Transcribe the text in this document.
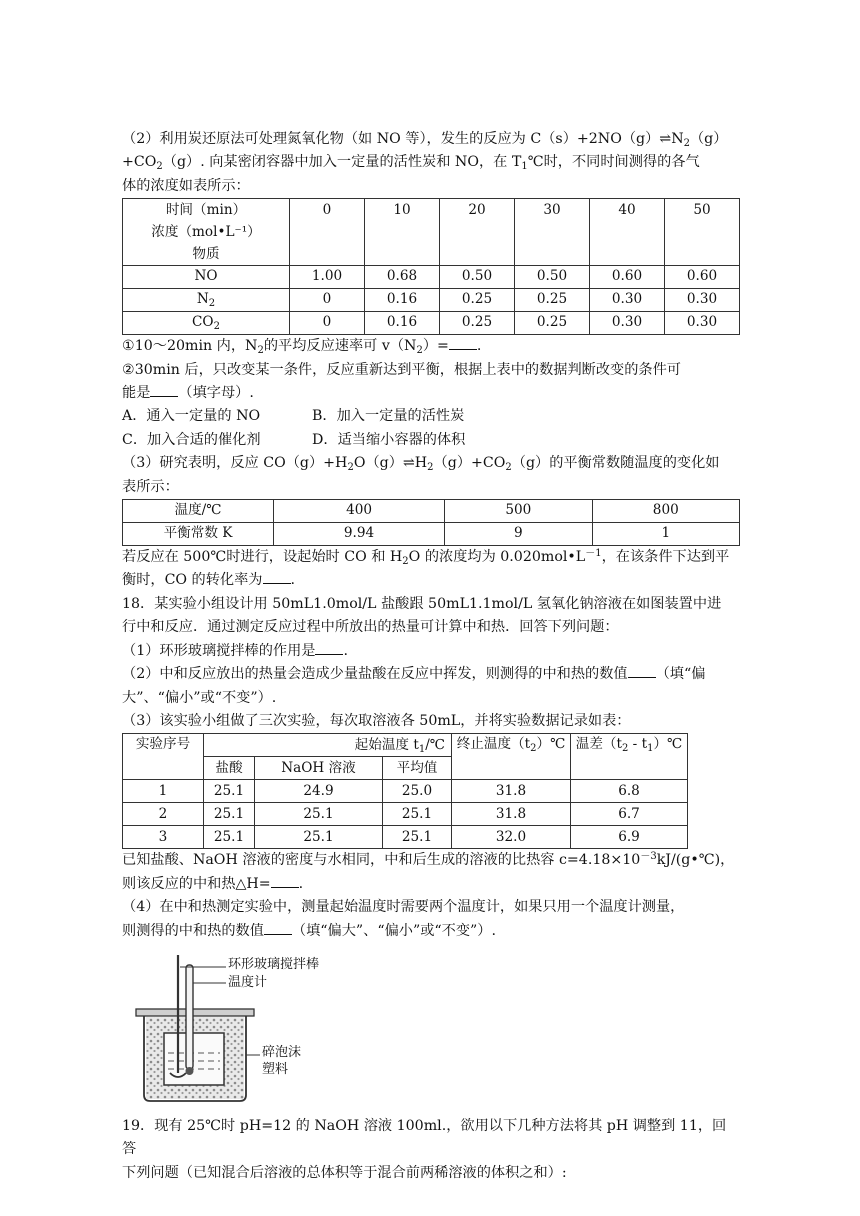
（2）利用炭还原法可处理氮氧化物（如 NO 等），发生的反应为 $C(s)+2NO(g)\rightleftharpoons N_2(g)$

$+CO_2(g)$. 向某密闭容器中加入一定量的活性炭和 NO，在 $T_1℃$时，不同时间测得的各气

体的浓度如表所示：

时间（min）
浓度（mol•L⁻¹）
物质	0	10	20	30	40	50
NO	1.00	0.68	0.50	0.50	0.60	0.60
$N_2$	0	0.16	0.25	0.25	0.30	0.30
$CO_2$	0	0.16	0.25	0.25	0.30	0.30

①10～20min 内，$N_2$的平均反应速率可 $v(N_2)=$ .

②30min 后，只改变某一条件，反应重新达到平衡，根据上表中的数据判断改变的条件可

能是 （填字母）.

A．通入一定量的 NO	B．加入一定量的活性炭

C．加入合适的催化剂	D．适当缩小容器的体积

（3）研究表明，反应 $CO(g)+H_2O(g)\rightleftharpoons H_2(g)+CO_2(g)$的平衡常数随温度的变化如

表所示：

温度/℃	400	500	800
平衡常数 K	9.94	9	1

若反应在 500℃时进行，设起始时 CO 和 $H_2O$ 的浓度均为 $0.020mol•L^{-1}$，在该条件下达到平

衡时，CO 的转化率为 .

18．某实验小组设计用 50mL1.0mol/L 盐酸跟 50mL1.1mol/L 氢氧化钠溶液在如图装置中进

行中和反应．通过测定反应过程中所放出的热量可计算中和热．回答下列问题：

（1）环形玻璃搅拌棒的作用是 .

（2）中和反应放出的热量会造成少量盐酸在反应中挥发，则测得的中和热的数值 （填“偏

大”、“偏小”或“不变”）.

（3）该实验小组做了三次实验，每次取溶液各 50mL，并将实验数据记录如表：

实验序号	起始温度 $t_1/℃$			终止温度$(t_2)℃$	温差（$t_2$ - $t_1)℃$
	盐酸	NaOH 溶液	平均值		
1	25.1	24.9	25.0	31.8	6.8
2	25.1	25.1	25.1	31.8	6.7
3	25.1	25.1	25.1	32.0	6.9

已知盐酸、NaOH 溶液的密度与水相同，中和后生成的溶液的比热容 $c=4.18\times 10^{-3}kJ/(g•℃)$，

则该反应的中和热△H= .

（4）在中和热测定实验中，测量起始温度时需要两个温度计，如果只用一个温度计测量，

则测得的中和热的数值 （填“偏大”、“偏小”或“不变”）.

环形玻璃搅拌棒
温度计
碎泡沫
塑料

19．现有 25℃时 pH=12 的 NaOH 溶液 100ml.，欲用以下几种方法将其 pH 调整到 11，回答

下列问题（已知混合后溶液的总体积等于混合前两稀溶液的体积之和）:
